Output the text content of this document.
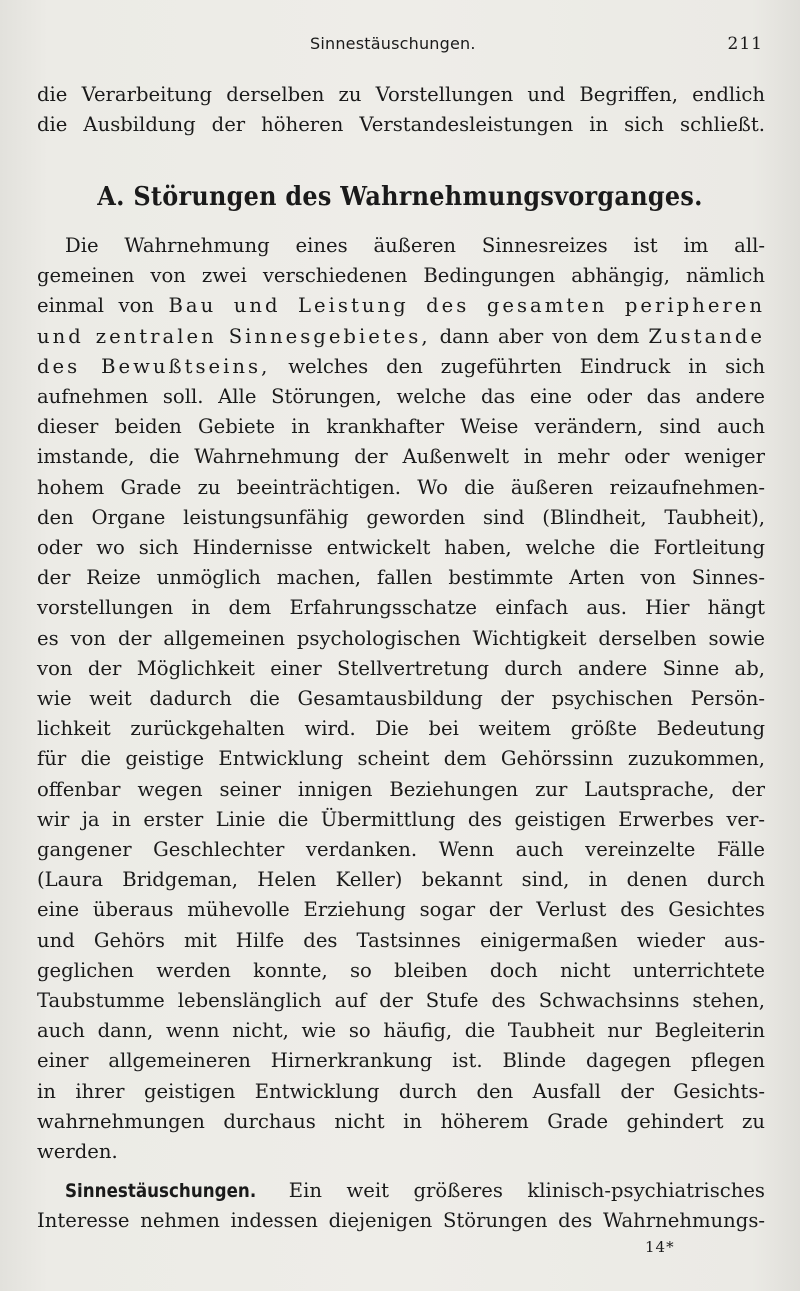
Sinnestäuschungen.	211
die Verarbeitung derselben zu Vorstellungen und Begriffen, endlich
die Ausbildung der höheren Verstandesleistungen in sich schließt.
A. Störungen des Wahrnehmungsvorganges.
Die Wahrnehmung eines äußeren Sinnesreizes ist im all-
gemeinen von zwei verschiedenen Bedingungen abhängig, nämlich
einmal von Bau und Leistung des gesamten peripheren
und zentralen Sinnesgebietes, dann aber von dem Zustande
des Bewußtseins, welches den zugeführten Eindruck in sich
aufnehmen soll. Alle Störungen, welche das eine oder das andere
dieser beiden Gebiete in krankhafter Weise verändern, sind auch
imstande, die Wahrnehmung der Außenwelt in mehr oder weniger
hohem Grade zu beeinträchtigen. Wo die äußeren reizaufnehmen-
den Organe leistungsunfähig geworden sind (Blindheit, Taubheit),
oder wo sich Hindernisse entwickelt haben, welche die Fortleitung
der Reize unmöglich machen, fallen bestimmte Arten von Sinnes-
vorstellungen in dem Erfahrungsschatze einfach aus. Hier hängt
es von der allgemeinen psychologischen Wichtigkeit derselben sowie
von der Möglichkeit einer Stellvertretung durch andere Sinne ab,
wie weit dadurch die Gesamtausbildung der psychischen Persön-
lichkeit zurückgehalten wird. Die bei weitem größte Bedeutung
für die geistige Entwicklung scheint dem Gehörssinn zuzukommen,
offenbar wegen seiner innigen Beziehungen zur Lautsprache, der
wir ja in erster Linie die Übermittlung des geistigen Erwerbes ver-
gangener Geschlechter verdanken. Wenn auch vereinzelte Fälle
(Laura Bridgeman, Helen Keller) bekannt sind, in denen durch
eine überaus mühevolle Erziehung sogar der Verlust des Gesichtes
und Gehörs mit Hilfe des Tastsinnes einigermaßen wieder aus-
geglichen werden konnte, so bleiben doch nicht unterrichtete
Taubstumme lebenslänglich auf der Stufe des Schwachsinns stehen,
auch dann, wenn nicht, wie so häufig, die Taubheit nur Begleiterin
einer allgemeineren Hirnerkrankung ist. Blinde dagegen pflegen
in ihrer geistigen Entwicklung durch den Ausfall der Gesichts-
wahrnehmungen durchaus nicht in höherem Grade gehindert zu
werden.
Sinnestäuschungen. Ein weit größeres klinisch-psychiatrisches
Interesse nehmen indessen diejenigen Störungen des Wahrnehmungs-
14*
